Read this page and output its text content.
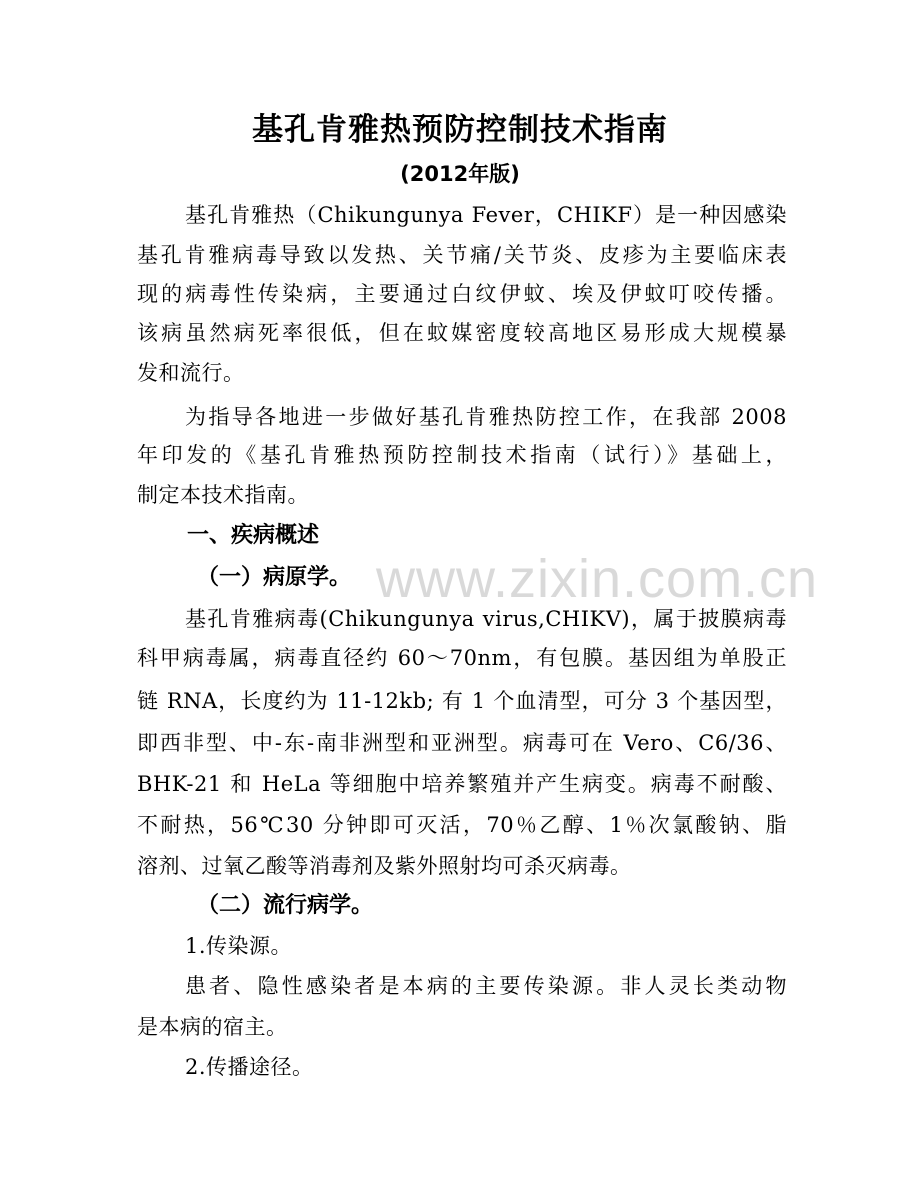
www.zixin.com.cn
基孔肯雅热预防控制技术指南
(2012年版)
基孔肯雅热（Chikungunya Fever，CHIKF）是一种因感染
基孔肯雅病毒导致以发热、关节痛/关节炎、皮疹为主要临床表
现的病毒性传染病，主要通过白纹伊蚊、埃及伊蚊叮咬传播。
该病虽然病死率很低，但在蚊媒密度较高地区易形成大规模暴
发和流行。
为指导各地进一步做好基孔肯雅热防控工作，在我部 2008
年印发的《基孔肯雅热预防控制技术指南（试行）》基础上，
制定本技术指南。
一、疾病概述
（一）病原学。
基孔肯雅病毒(Chikungunya virus,CHIKV)，属于披膜病毒
科甲病毒属，病毒直径约 60～70nm，有包膜。基因组为单股正
链 RNA，长度约为 11-12kb; 有 1 个血清型，可分 3 个基因型，
即西非型、中-东-南非洲型和亚洲型。病毒可在 Vero、C6/36、
BHK-21 和 HeLa 等细胞中培养繁殖并产生病变。病毒不耐酸、
不耐热，56℃30 分钟即可灭活，70％乙醇、1％次氯酸钠、脂
溶剂、过氧乙酸等消毒剂及紫外照射均可杀灭病毒。
（二）流行病学。
1.传染源。
患者、隐性感染者是本病的主要传染源。非人灵长类动物
是本病的宿主。
2.传播途径。
